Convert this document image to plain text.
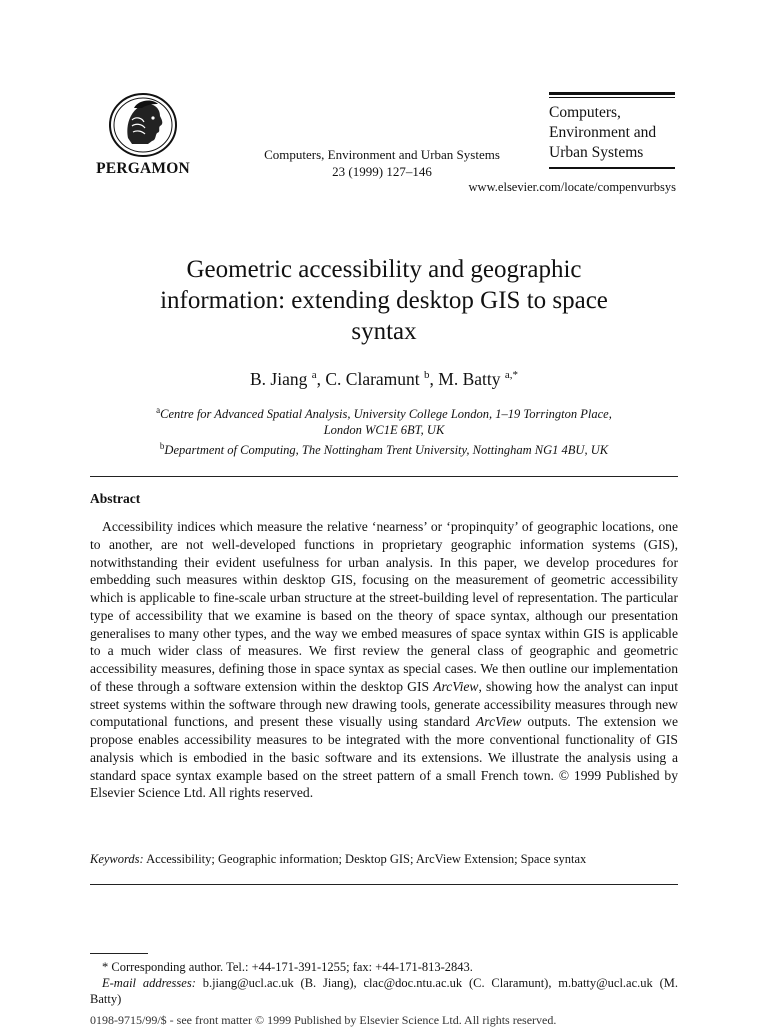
PERGAMON
Computers, Environment and Urban Systems
23 (1999) 127–146
Computers,
Environment and
Urban Systems
www.elsevier.com/locate/compenvurbsys
Geometric accessibility and geographic
information: extending desktop GIS to space
syntax
B. Jiang $^a$, C. Claramunt $^b$, M. Batty $^{a,*}$
$^a$Centre for Advanced Spatial Analysis, University College London, 1–19 Torrington Place,
London WC1E 6BT, UK
$^b$Department of Computing, The Nottingham Trent University, Nottingham NG1 4BU, UK
Abstract
Accessibility indices which measure the relative ‘nearness’ or ‘propinquity’ of geographic locations, one to another, are not well-developed functions in proprietary geographic information systems (GIS), notwithstanding their evident usefulness for urban analysis. In this paper, we develop procedures for embedding such measures within desktop GIS, focusing on the measurement of geometric accessibility which is applicable to fine-scale urban structure at the street-building level of representation. The particular type of accessibility that we examine is based on the theory of space syntax, although our presentation generalises to many other types, and the way we embed measures of space syntax within GIS is applicable to a much wider class of measures. We first review the general class of geographic and geometric accessibility measures, defining those in space syntax as special cases. We then outline our implementation of these through a software extension within the desktop GIS ArcView, showing how the analyst can input street systems within the software through new drawing tools, generate accessibility measures through new computational functions, and present these visually using standard ArcView outputs. The extension we propose enables accessibility measures to be integrated with the more conventional functionality of GIS analysis which is embodied in the basic software and its extensions. We illustrate the analysis using a standard space syntax example based on the street pattern of a small French town. © 1999 Published by Elsevier Science Ltd. All rights reserved.
Keywords: Accessibility; Geographic information; Desktop GIS; ArcView Extension; Space syntax
* Corresponding author. Tel.: +44-171-391-1255; fax: +44-171-813-2843.
E-mail addresses: b.jiang@ucl.ac.uk (B. Jiang), clac@doc.ntu.ac.uk (C. Claramunt), m.batty@ucl.ac.uk (M. Batty)
0198-9715/99/$ - see front matter © 1999 Published by Elsevier Science Ltd. All rights reserved.
